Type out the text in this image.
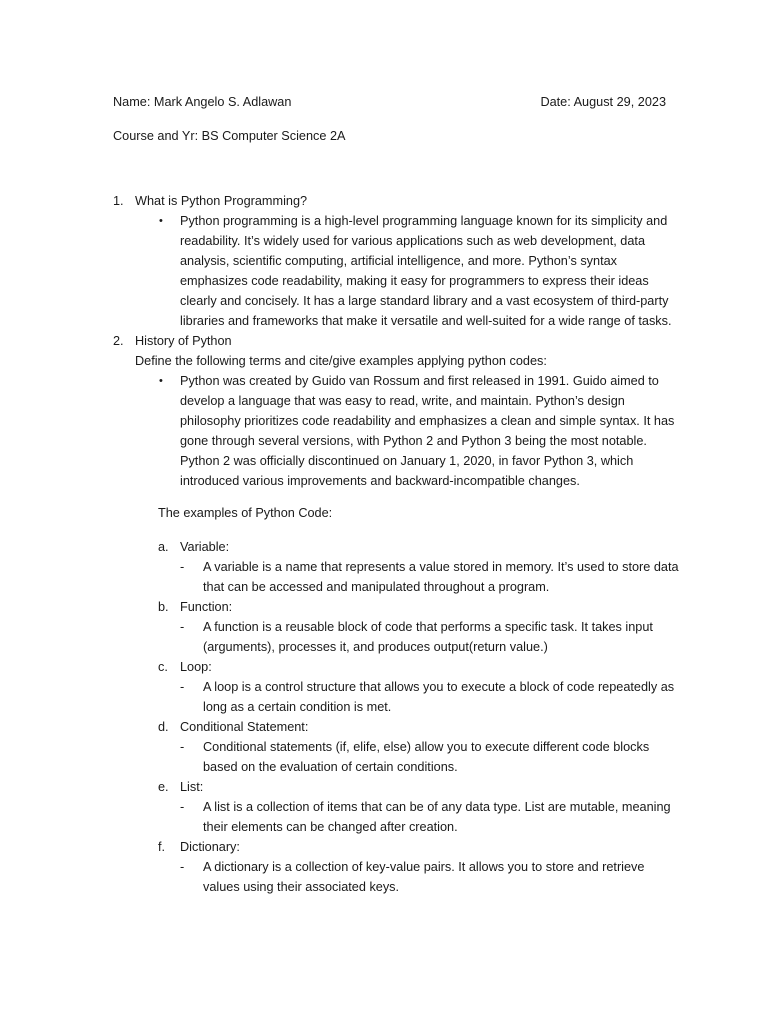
Name: Mark Angelo S. Adlawan	Date: August 29, 2023
Course and Yr: BS Computer Science 2A
1. What is Python Programming?
• Python programming is a high-level programming language known for its simplicity and readability. It’s widely used for various applications such as web development, data analysis, scientific computing, artificial intelligence, and more. Python’s syntax emphasizes code readability, making it easy for programmers to express their ideas clearly and concisely. It has a large standard library and a vast ecosystem of third-party libraries and frameworks that make it versatile and well-suited for a wide range of tasks.
2. History of Python
Define the following terms and cite/give examples applying python codes:
• Python was created by Guido van Rossum and first released in 1991. Guido aimed to develop a language that was easy to read, write, and maintain. Python’s design philosophy prioritizes code readability and emphasizes a clean and simple syntax. It has gone through several versions, with Python 2 and Python 3 being the most notable. Python 2 was officially discontinued on January 1, 2020, in favor Python 3, which introduced various improvements and backward-incompatible changes.
The examples of Python Code:
a. Variable:
- A variable is a name that represents a value stored in memory. It’s used to store data that can be accessed and manipulated throughout a program.
b. Function:
- A function is a reusable block of code that performs a specific task. It takes input (arguments), processes it, and produces output(return value.)
c. Loop:
- A loop is a control structure that allows you to execute a block of code repeatedly as long as a certain condition is met.
d. Conditional Statement:
- Conditional statements (if, elife, else) allow you to execute different code blocks based on the evaluation of certain conditions.
e. List:
- A list is a collection of items that can be of any data type. List are mutable, meaning their elements can be changed after creation.
f.	Dictionary:
- A dictionary is a collection of key-value pairs. It allows you to store and retrieve values using their associated keys.
